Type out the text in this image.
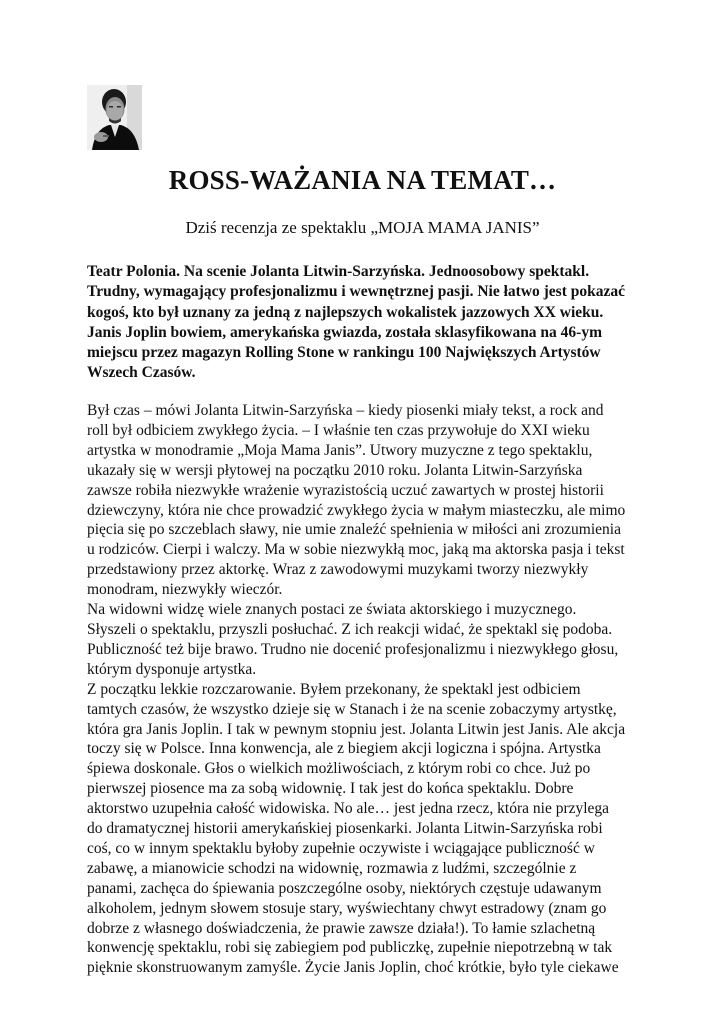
ROSS-WAŻANIA NA TEMAT…
Dziś recenzja ze spektaklu „MOJA MAMA JANIS”
Teatr Polonia. Na scenie Jolanta Litwin-Sarzyńska. Jednoosobowy spektakl.
Trudny, wymagający profesjonalizmu i wewnętrznej pasji. Nie łatwo jest pokazać
kogoś, kto był uznany za jedną z najlepszych wokalistek jazzowych XX wieku.
Janis Joplin bowiem, amerykańska gwiazda, została sklasyfikowana na 46-ym
miejscu przez magazyn Rolling Stone w rankingu 100 Największych Artystów
Wszech Czasów.
Był czas – mówi Jolanta Litwin-Sarzyńska – kiedy piosenki miały tekst, a rock and
roll był odbiciem zwykłego życia. – I właśnie ten czas przywołuje do XXI wieku
artystka w monodramie „Moja Mama Janis”. Utwory muzyczne z tego spektaklu,
ukazały się w wersji płytowej na początku 2010 roku. Jolanta Litwin-Sarzyńska
zawsze robiła niezwykłe wrażenie wyrazistością uczuć zawartych w prostej historii
dziewczyny, która nie chce prowadzić zwykłego życia w małym miasteczku, ale mimo
pięcia się po szczeblach sławy, nie umie znaleźć spełnienia w miłości ani zrozumienia
u rodziców. Cierpi i walczy. Ma w sobie niezwykłą moc, jaką ma aktorska pasja i tekst
przedstawiony przez aktorkę. Wraz z zawodowymi muzykami tworzy niezwykły
monodram, niezwykły wieczór.
Na widowni widzę wiele znanych postaci ze świata aktorskiego i muzycznego.
Słyszeli o spektaklu, przyszli posłuchać. Z ich reakcji widać, że spektakl się podoba.
Publiczność też bije brawo. Trudno nie docenić profesjonalizmu i niezwykłego głosu,
którym dysponuje artystka.
Z początku lekkie rozczarowanie. Byłem przekonany, że spektakl jest odbiciem
tamtych czasów, że wszystko dzieje się w Stanach i że na scenie zobaczymy artystkę,
która gra Janis Joplin. I tak w pewnym stopniu jest. Jolanta Litwin jest Janis. Ale akcja
toczy się w Polsce. Inna konwencja, ale z biegiem akcji logiczna i spójna. Artystka
śpiewa doskonale. Głos o wielkich możliwościach, z którym robi co chce. Już po
pierwszej piosence ma za sobą widownię. I tak jest do końca spektaklu. Dobre
aktorstwo uzupełnia całość widowiska. No ale… jest jedna rzecz, która nie przylega
do dramatycznej historii amerykańskiej piosenkarki. Jolanta Litwin-Sarzyńska robi
coś, co w innym spektaklu byłoby zupełnie oczywiste i wciągające publiczność w
zabawę, a mianowicie schodzi na widownię, rozmawia z ludźmi, szczególnie z
panami, zachęca do śpiewania poszczególne osoby, niektórych częstuje udawanym
alkoholem, jednym słowem stosuje stary, wyświechtany chwyt estradowy (znam go
dobrze z własnego doświadczenia, że prawie zawsze działa!). To łamie szlachetną
konwencję spektaklu, robi się zabiegiem pod publiczkę, zupełnie niepotrzebną w tak
pięknie skonstruowanym zamyśle. Życie Janis Joplin, choć krótkie, było tyle ciekawe
